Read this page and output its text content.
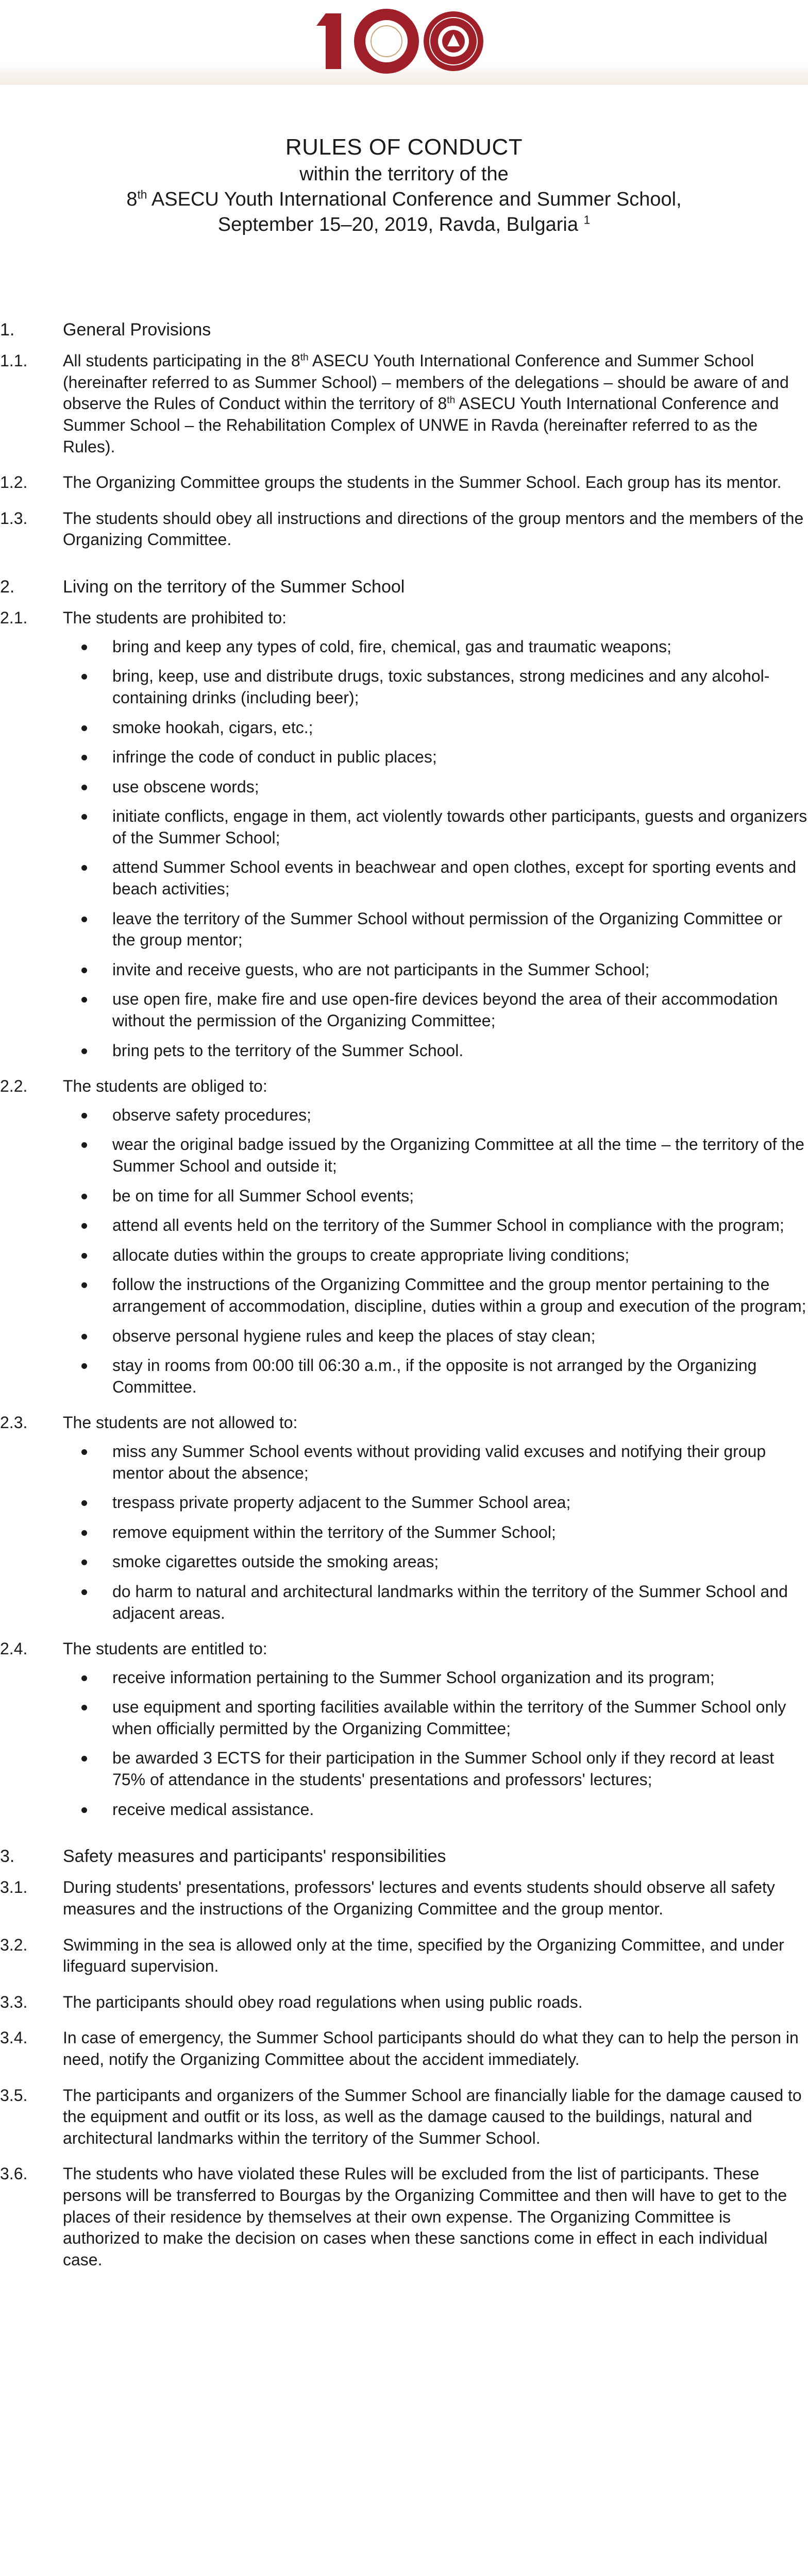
RULES OF CONDUCT
within the territory of the
8th ASECU Youth International Conference and Summer School,
September 15–20, 2019, Ravda, Bulgaria $^1$
1.	General Provisions
1.1. All students participating in the 8th ASECU Youth International Conference and Summer School (hereinafter referred to as Summer School) – members of the delegations – should be aware of and observe the Rules of Conduct within the territory of 8th ASECU Youth International Conference and Summer School – the Rehabilitation Complex of UNWE in Ravda (hereinafter referred to as the Rules).
1.2. The Organizing Committee groups the students in the Summer School. Each group has its mentor.
1.3. The students should obey all instructions and directions of the group mentors and the members of the Organizing Committee.
2.	Living on the territory of the Summer School
2.1. The students are prohibited to:
bring and keep any types of cold, fire, chemical, gas and traumatic weapons;
bring, keep, use and distribute drugs, toxic substances, strong medicines and any alcohol-containing drinks (including beer);
smoke hookah, cigars, etc.;
infringe the code of conduct in public places;
use obscene words;
initiate conflicts, engage in them, act violently towards other participants, guests and organizers of the Summer School;
attend Summer School events in beachwear and open clothes, except for sporting events and beach activities;
leave the territory of the Summer School without permission of the Organizing Committee or the group mentor;
invite and receive guests, who are not participants in the Summer School;
use open fire, make fire and use open-fire devices beyond the area of their accommodation without the permission of the Organizing Committee;
bring pets to the territory of the Summer School.
2.2. The students are obliged to:
observe safety procedures;
wear the original badge issued by the Organizing Committee at all the time – the territory of the Summer School and outside it;
be on time for all Summer School events;
attend all events held on the territory of the Summer School in compliance with the program;
allocate duties within the groups to create appropriate living conditions;
follow the instructions of the Organizing Committee and the group mentor pertaining to the arrangement of accommodation, discipline, duties within a group and execution of the program;
observe personal hygiene rules and keep the places of stay clean;
stay in rooms from 00:00 till 06:30 a.m., if the opposite is not arranged by the Organizing Committee.
2.3. The students are not allowed to:
miss any Summer School events without providing valid excuses and notifying their group mentor about the absence;
trespass private property adjacent to the Summer School area;
remove equipment within the territory of the Summer School;
smoke cigarettes outside the smoking areas;
do harm to natural and architectural landmarks within the territory of the Summer School and adjacent areas.
2.4. The students are entitled to:
receive information pertaining to the Summer School organization and its program;
use equipment and sporting facilities available within the territory of the Summer School only when officially permitted by the Organizing Committee;
be awarded 3 ECTS for their participation in the Summer School only if they record at least 75% of attendance in the students' presentations and professors' lectures;
receive medical assistance.
3.	Safety measures and participants' responsibilities
3.1. During students' presentations, professors' lectures and events students should observe all safety measures and the instructions of the Organizing Committee and the group mentor.
3.2. Swimming in the sea is allowed only at the time, specified by the Organizing Committee, and under lifeguard supervision.
3.3. The participants should obey road regulations when using public roads.
3.4. In case of emergency, the Summer School participants should do what they can to help the person in need, notify the Organizing Committee about the accident immediately.
3.5. The participants and organizers of the Summer School are financially liable for the damage caused to the equipment and outfit or its loss, as well as the damage caused to the buildings, natural and architectural landmarks within the territory of the Summer School.
3.6. The students who have violated these Rules will be excluded from the list of participants. These persons will be transferred to Bourgas by the Organizing Committee and then will have to get to the places of their residence by themselves at their own expense. The Organizing Committee is authorized to make the decision on cases when these sanctions come in effect in each individual case.
